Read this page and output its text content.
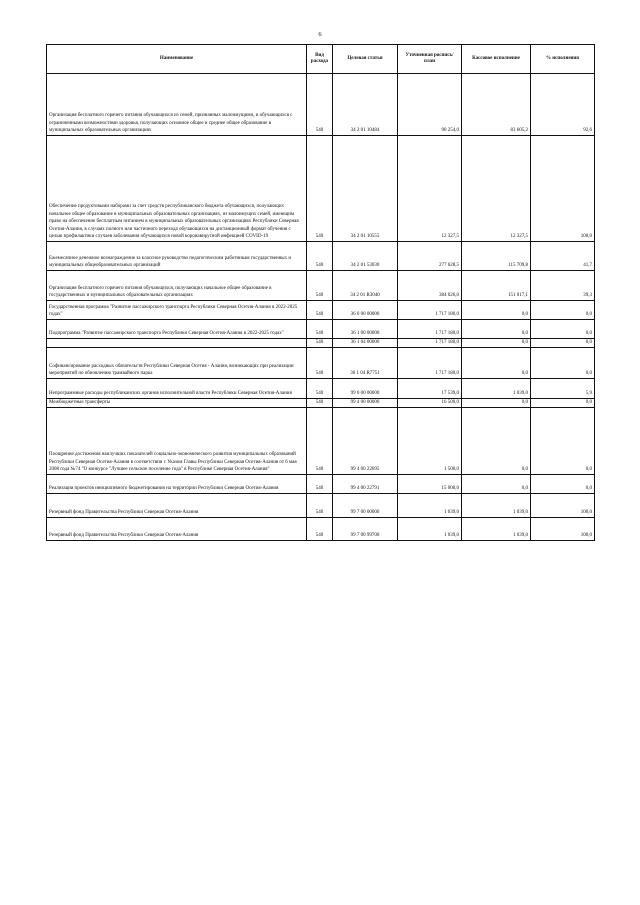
6
Наименование	Вид расхода	Целевая статья	Уточненная роспись/план	Кассовое исполнение	% исполнения
Организация бесплатного горячего питания обучающихся из семей, признанных малоимущими, и обучающихся с ограниченными возможностями здоровья, получающих основное общее и среднее общее образование в муниципальных образовательных организациях	540	34 2 01 10484	90 254,0	83 605,2	92,6
Обеспечение продуктовыми наборами за счет средств республиканского бюджета обучающихся, получающих начальное общее образование в муниципальных образовательных организациях, из малоимущих семей, имеющим право на обеспечение бесплатным питанием в муниципальных образовательных организациях Республики Северная Осетия-Алания, в случаях полного или частичного перехода обучающихся на дистанционный формат обучения с целью профилактики случаев заболевания обучающихся новой коронавирусной инфекцией COVID-19	540	34 2 01 10555	12 327,5	12 327,5	100,0
Ежемесячное денежное вознаграждение за классное руководство педагогическим работникам государственных и муниципальных общеобразовательных организаций	540	34 2 01 53030	277 628,5	115 709,8	41,7
Организация бесплатного горячего питания обучающихся, получающих начальное общее образование в государственных и муниципальных образовательных организациях	540	34 2 01 R3040	384 026,0	151 017,1	39,3
Государственная программа "Развитие пассажирского транспорта Республики Северная Осетия-Алания в 2022-2025 годах"	540	36 0 00 00000	1 717 180,0	0,0	0,0
Подпрограмма "Развитие пассажирского транспорта Республики Северная Осетия-Алания в 2022-2025 годах"	540	36 1 00 00000	1 717 180,0	0,0	0,0
	540	36 1 04 00000	1 717 180,0	0,0	0,0
Софинансирование расходных обязательств Республики Северная Осетия - Алания, возникающих при реализации мероприятий по обновлению трамвайного парка	540	36 1 04 R7751	1 717 180,0	0,0	0,0
Непрограммные расходы республиканских органов исполнительной власти Республики Северная Осетия-Алания	540	99 0 00 00000	17 539,0	1 039,0	5,9
Межбюджетные трансферты	540	99 4 00 00000	16 500,0	0,0	0,0
Поощрение достижения наилучших показателей социально-экономического развития муниципальных образований Республики Северная Осетия-Алания в соответствии с Указом Главы Республики Северная Осетия-Алания от 6 мая 2008 года №74 "О конкурсе "Лучшее сельское поселение года" в Республике Северная Осетия-Алания"	540	99 4 00 22695	1 500,0	0,0	0,0
Реализация проектов инициативного бюджетирования на территории Республики Северная Осетия-Алания	540	99 4 00 22791	15 000,0	0,0	0,0
Резервный фонд Правительства Республики Северная Осетия-Алания	540	99 7 00 00000	1 039,0	1 039,0	100,0
Резервный фонд Правительства Республики Северная Осетия-Алания	540	99 7 00 99700	1 039,0	1 039,0	100,0
